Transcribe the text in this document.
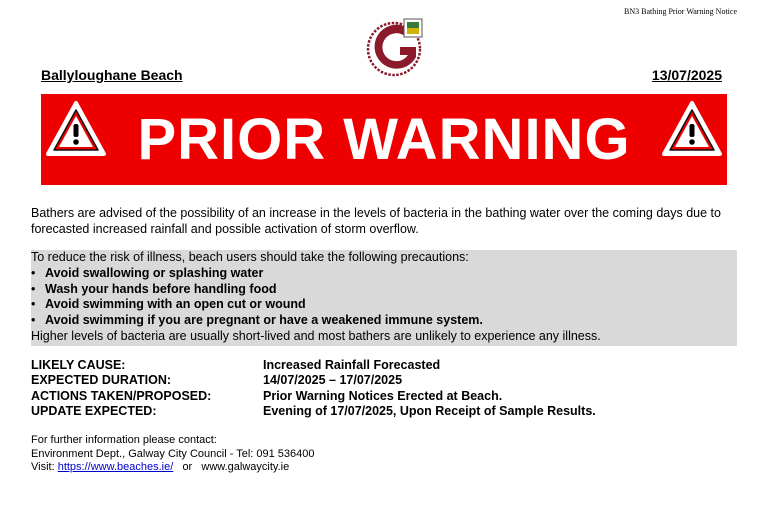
BN3 Bathing Prior Warning Notice
Ballyloughane Beach	13/07/2025
PRIOR WARNING
Bathers are advised of the possibility of an increase in the levels of bacteria in the bathing water over the coming days due to forecasted increased rainfall and possible activation of storm overflow.
To reduce the risk of illness, beach users should take the following precautions:
• Avoid swallowing or splashing water
• Wash your hands before handling food
• Avoid swimming with an open cut or wound
• Avoid swimming if you are pregnant or have a weakened immune system.
Higher levels of bacteria are usually short-lived and most bathers are unlikely to experience any illness.
LIKELY CAUSE:	Increased Rainfall Forecasted
EXPECTED DURATION:	14/07/2025 – 17/07/2025
ACTIONS TAKEN/PROPOSED:	Prior Warning Notices Erected at Beach.
UPDATE EXPECTED:	Evening of 17/07/2025, Upon Receipt of Sample Results.
For further information please contact:
Environment Dept., Galway City Council - Tel: 091 536400
Visit: https://www.beaches.ie/ or www.galwaycity.ie
